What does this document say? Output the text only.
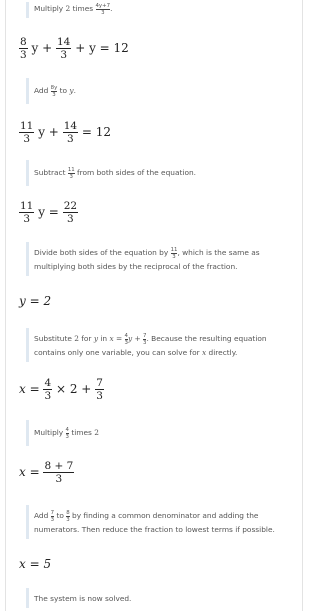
Multiply 2 times $\frac{4y+7}{3}$ .
$\frac{8}{3}$ $y + \frac{14}{3} + y = 12$
Add $\frac{8y}{3}$ to y.
$\frac{11}{3}$ $y + \frac{14}{3} = 12$
Subtract $\frac{11}{3}$ from both sides of the equation.
$\frac{11}{3}$ $y = \frac{22}{3}$
Divide both sides of the equation by $\frac{11}{3}$ , which is the same as multiplying both sides by the reciprocal of the fraction.
y = 2
Substitute 2 for y in $x = \frac{4}{3}$ $y + \frac{7}{3}$ . Because the resulting equation contains only one variable, you can solve for x directly.
$x = \frac{4}{3} \times 2 + \frac{7}{3}$
Multiply $\frac{4}{3}$ times 2
$x = \frac{8 + 7}{3}$
Add $\frac{7}{3}$ to $\frac{8}{3}$ by finding a common denominator and adding the numerators. Then reduce the fraction to lowest terms if possible.
x = 5
The system is now solved.
